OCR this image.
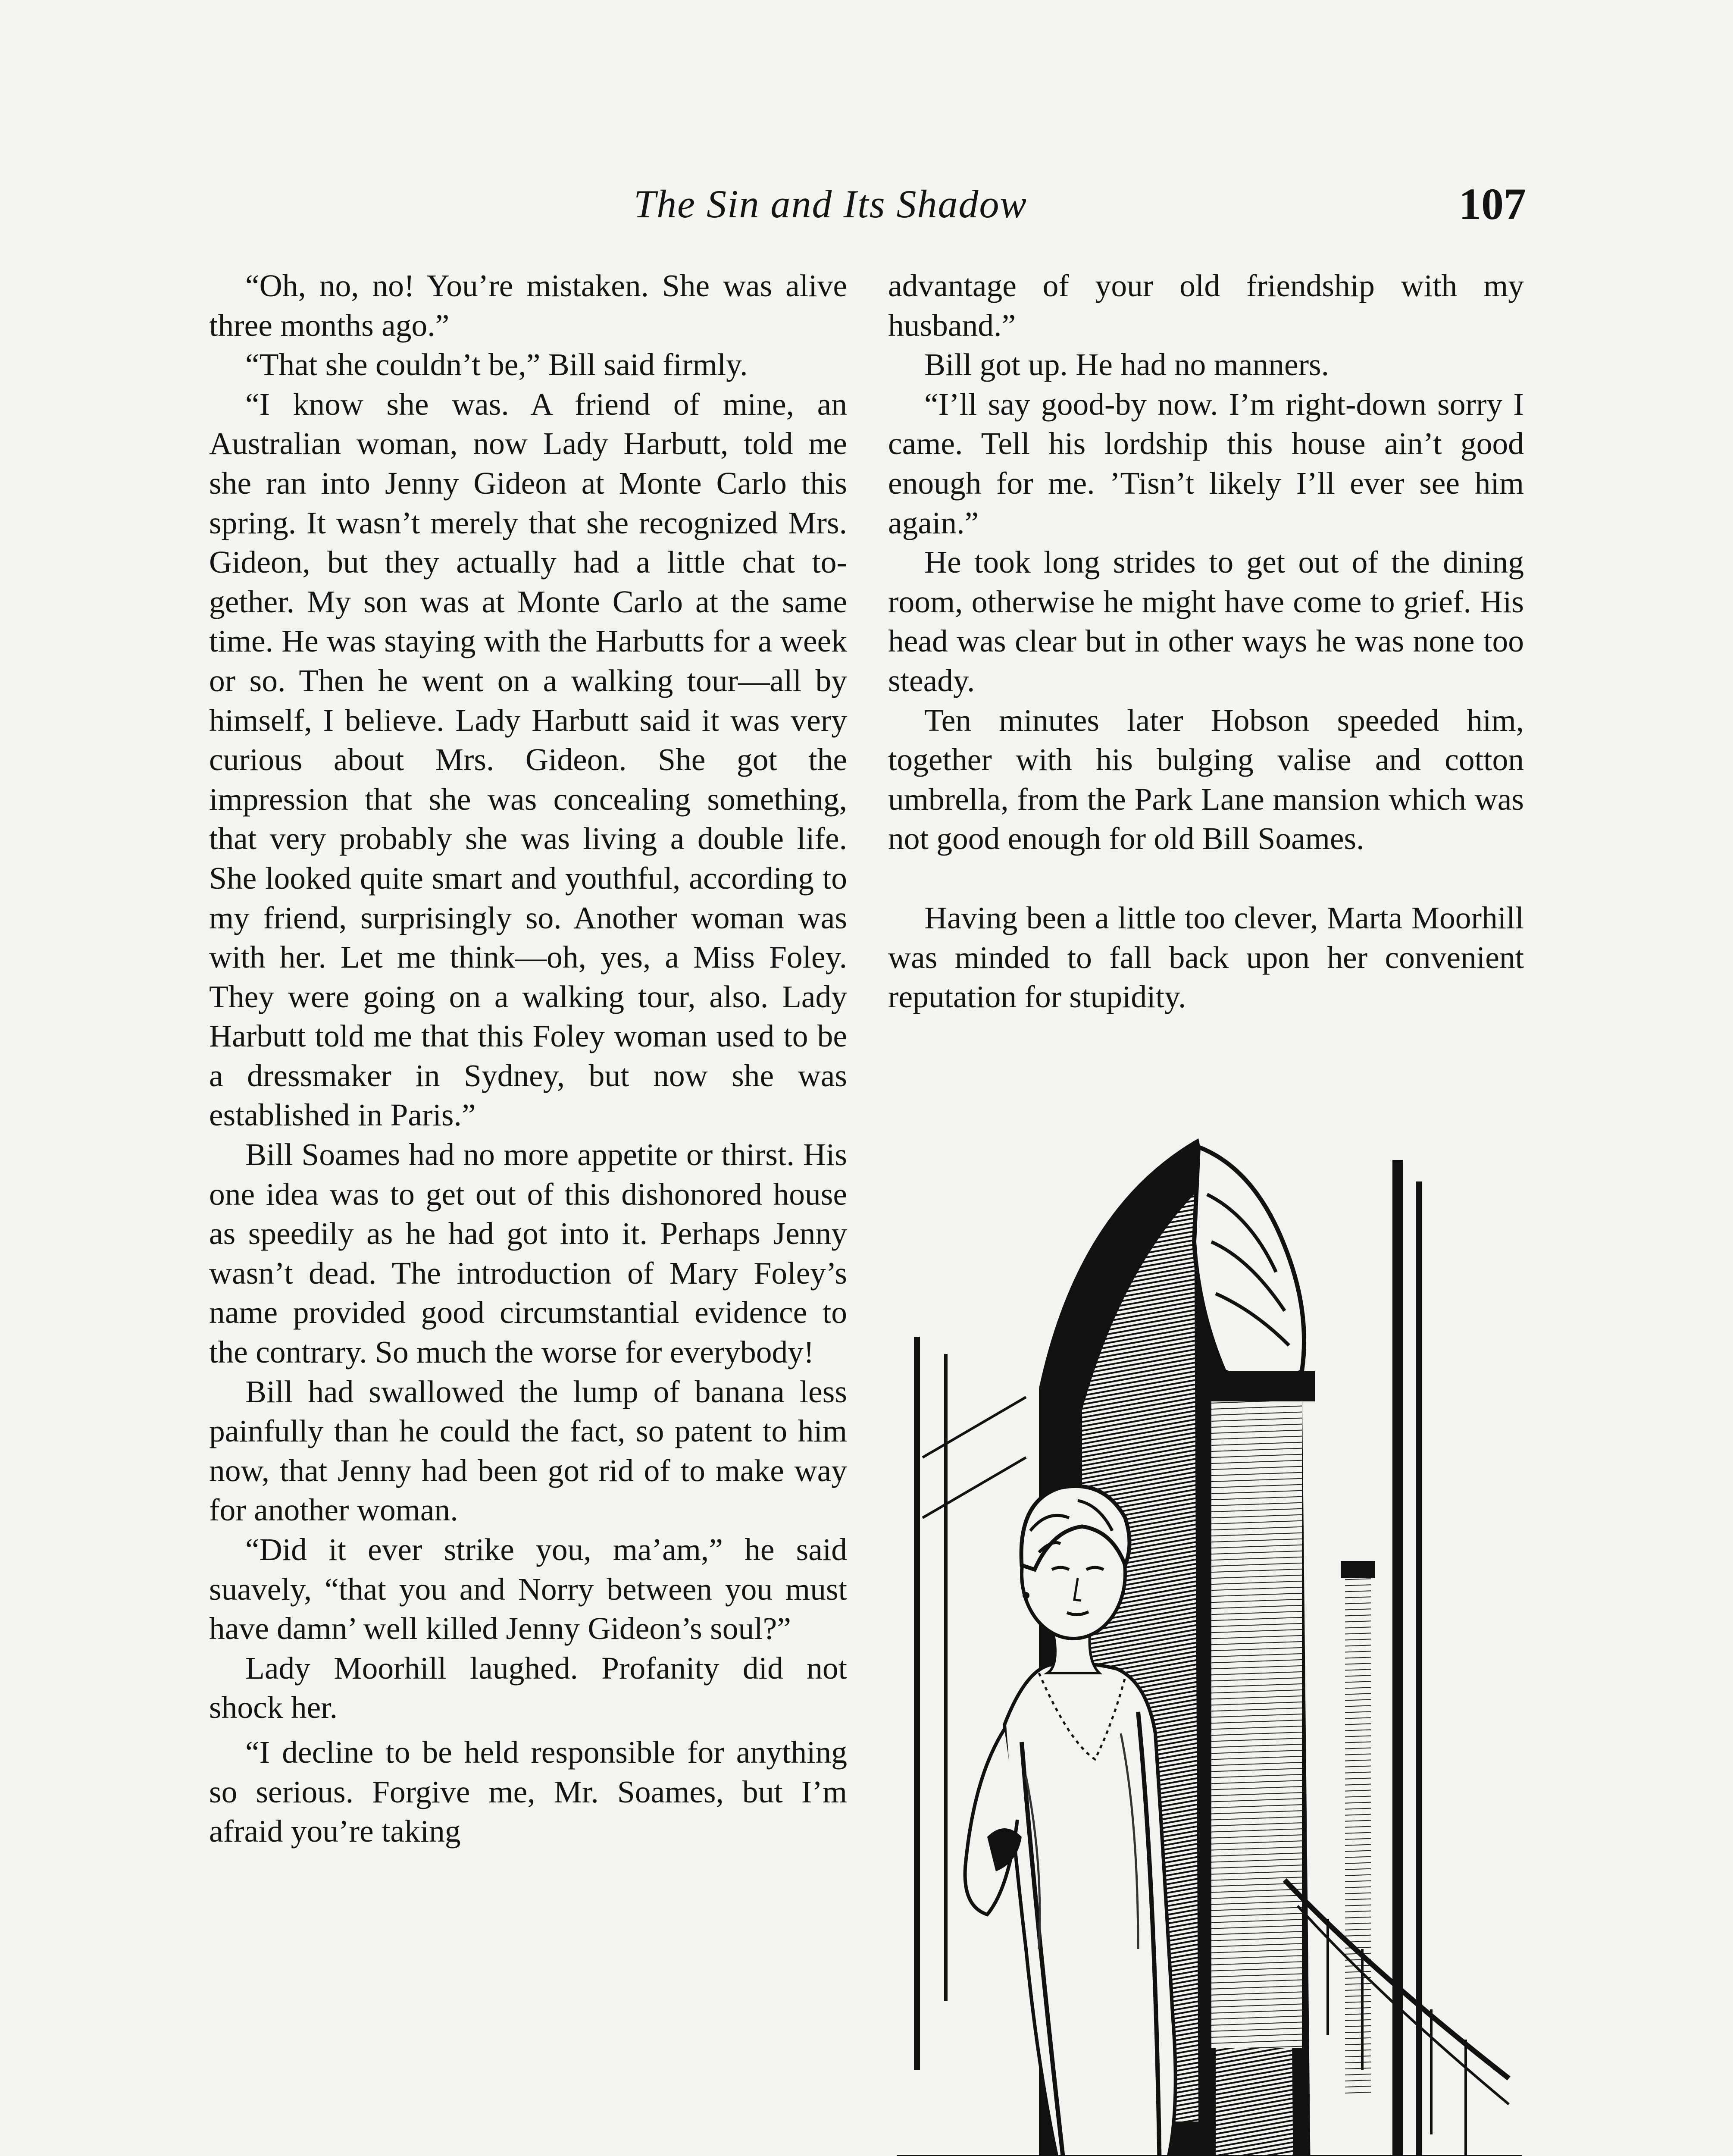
The Sin and Its Shadow	107

“Oh, no, no! You’re mistaken. She was alive three months ago.”

“That she couldn’t be,” Bill said firmly.

“I know she was. A friend of mine, an Australian woman, now Lady Harbutt, told me she ran into Jenny Gideon at Monte Carlo this spring. It wasn’t merely that she recognized Mrs. Gideon, but they actually had a little chat together. My son was at Monte Carlo at the same time. He was staying with the Harbutts for a week or so. Then he went on a walking tour—all by himself, I believe. Lady Harbutt said it was very curious about Mrs. Gideon. She got the impression that she was concealing something, that very probably she was living a double life. She looked quite smart and youthful, according to my friend, surprisingly so. Another woman was with her. Let me think—oh, yes, a Miss Foley. They were going on a walking tour, also. Lady Harbutt told me that this Foley woman used to be a dressmaker in Sydney, but now she was established in Paris.”

Bill Soames had no more appetite or thirst. His one idea was to get out of this dishonored house as speedily as he had got into it. Perhaps Jenny wasn’t dead. The introduction of Mary Foley’s name provided good circumstantial evidence to the contrary. So much the worse for everybody!

Bill had swallowed the lump of banana less painfully than he could the fact, so patent to him now, that Jenny had been got rid of to make way for another woman.

“Did it ever strike you, ma’am,” he said suavely, “that you and Norry between you must have damn’ well killed Jenny Gideon’s soul?”

Lady Moorhill laughed. Profanity did not shock her.

“I decline to be held responsible for anything so serious. Forgive me, Mr. Soames, but I’m afraid you’re taking

advantage of your old friendship with my husband.”

Bill got up. He had no manners.

“I’ll say good-by now. I’m right-down sorry I came. Tell his lordship this house ain’t good enough for me. ’Tisn’t likely I’ll ever see him again.”

He took long strides to get out of the dining room, otherwise he might have come to grief. His head was clear but in other ways he was none too steady.

Ten minutes later Hobson speeded him, together with his bulging valise and cotton umbrella, from the Park Lane mansion which was not good enough for old Bill Soames.

Having been a little too clever, Marta Moorhill was minded to fall back upon her convenient reputation for stupidity.
